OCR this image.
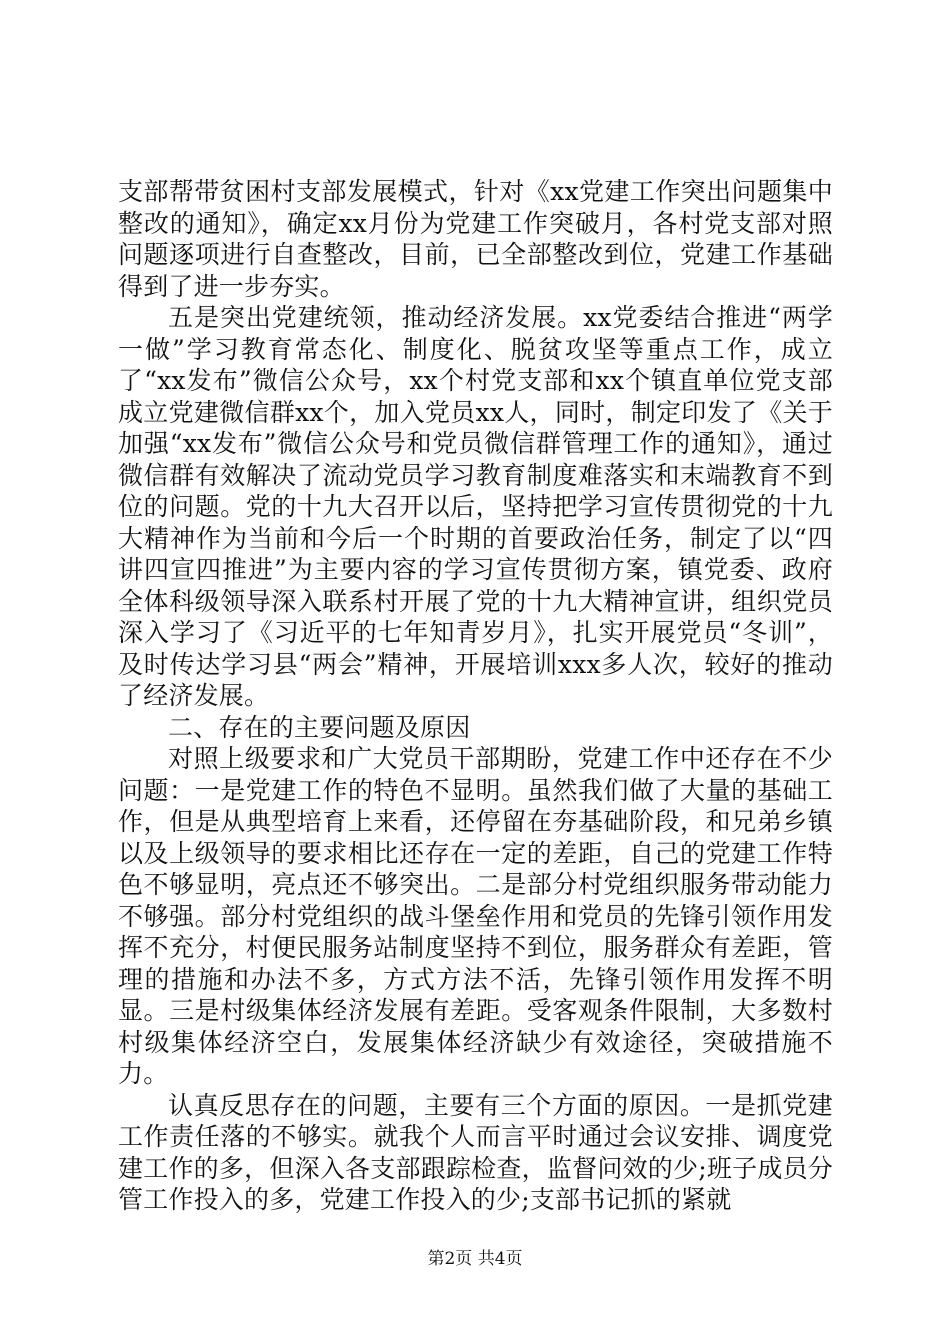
支部帮带贫困村支部发展模式，针对《xx党建工作突出问题集中整改的通知》，确定xx月份为党建工作突破月，各村党支部对照问题逐项进行自查整改，目前，已全部整改到位，党建工作基础得到了进一步夯实。

五是突出党建统领，推动经济发展。xx党委结合推进“两学一做”学习教育常态化、制度化、脱贫攻坚等重点工作，成立了“xx发布”微信公众号，xx个村党支部和xx个镇直单位党支部成立党建微信群xx个，加入党员xx人，同时，制定印发了《关于加强“xx发布”微信公众号和党员微信群管理工作的通知》，通过微信群有效解决了流动党员学习教育制度难落实和末端教育不到位的问题。党的十九大召开以后，坚持把学习宣传贯彻党的十九大精神作为当前和今后一个时期的首要政治任务，制定了以“四讲四宣四推进”为主要内容的学习宣传贯彻方案，镇党委、政府全体科级领导深入联系村开展了党的十九大精神宣讲，组织党员深入学习了《习近平的七年知青岁月》，扎实开展党员“冬训”，及时传达学习县“两会”精神，开展培训xxx多人次，较好的推动了经济发展。

二、存在的主要问题及原因

对照上级要求和广大党员干部期盼，党建工作中还存在不少问题：一是党建工作的特色不显明。虽然我们做了大量的基础工作，但是从典型培育上来看，还停留在夯基础阶段，和兄弟乡镇以及上级领导的要求相比还存在一定的差距，自己的党建工作特色不够显明，亮点还不够突出。二是部分村党组织服务带动能力不够强。部分村党组织的战斗堡垒作用和党员的先锋引领作用发挥不充分，村便民服务站制度坚持不到位，服务群众有差距，管理的措施和办法不多，方式方法不活，先锋引领作用发挥不明显。三是村级集体经济发展有差距。受客观条件限制，大多数村村级集体经济空白，发展集体经济缺少有效途径，突破措施不力。

认真反思存在的问题，主要有三个方面的原因。一是抓党建工作责任落的不够实。就我个人而言平时通过会议安排、调度党建工作的多，但深入各支部跟踪检查，监督问效的少;班子成员分管工作投入的多，党建工作投入的少;支部书记抓的紧就

第2页 共4页
